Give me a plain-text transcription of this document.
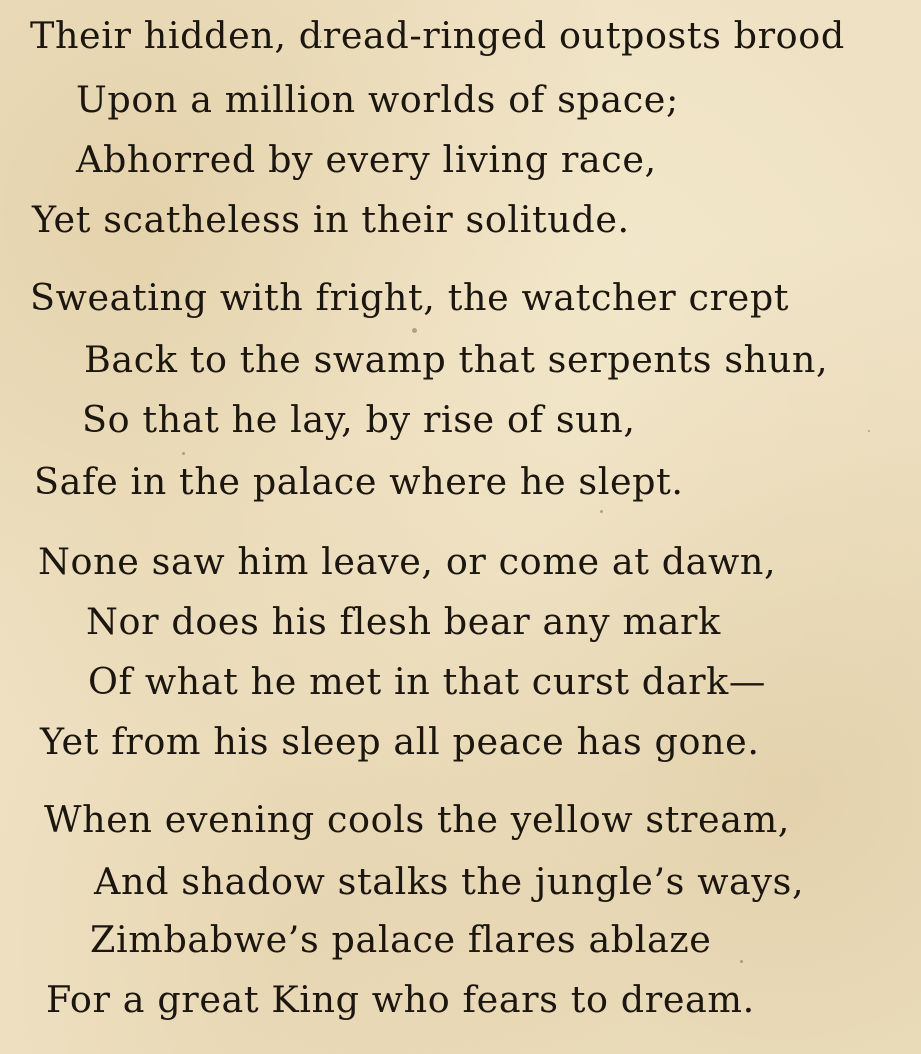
Their hidden, dread-ringed outposts brood
Upon a million worlds of space;
Abhorred by every living race,
Yet scatheless in their solitude.
Sweating with fright, the watcher crept
Back to the swamp that serpents shun,
So that he lay, by rise of sun,
Safe in the palace where he slept.
None saw him leave, or come at dawn,
Nor does his flesh bear any mark
Of what he met in that curst dark—
Yet from his sleep all peace has gone.
When evening cools the yellow stream,
And shadow stalks the jungle’s ways,
Zimbabwe’s palace flares ablaze
For a great King who fears to dream.
